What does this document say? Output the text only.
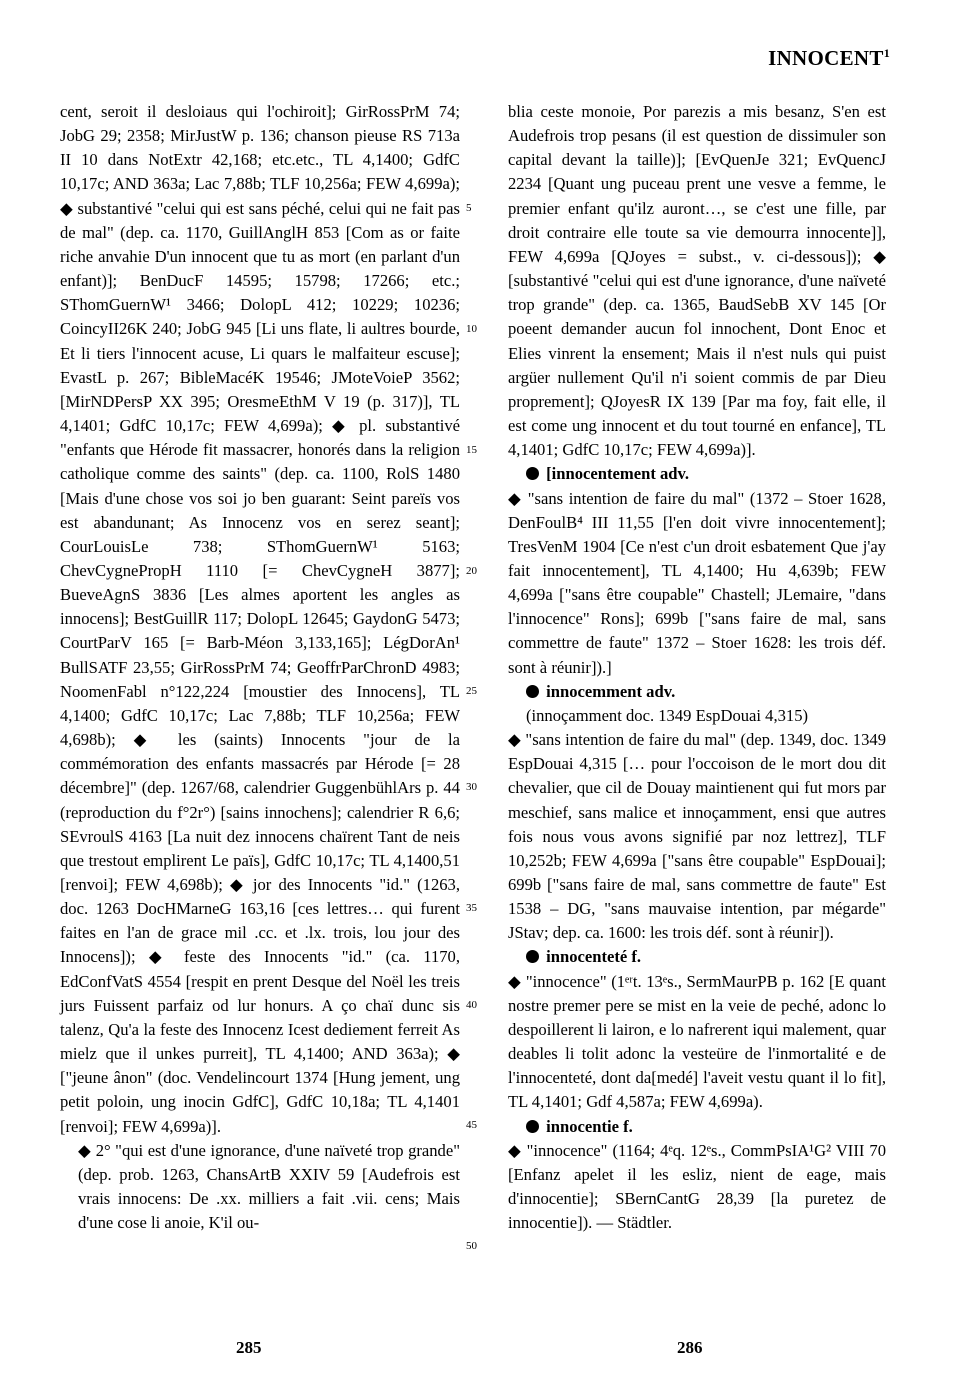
INNOCENT$^1$

cent, seroit il desloiaus qui l'ochiroit]; GirRossPrM 74; JobG 29; 2358; MirJustW p. 136; chanson pieuse RS 713a II 10 dans NotExtr 42,168; etc.etc., TL 4,1400; GdfC 10,17c; AND 363a; Lac 7,88b; TLF 10,256a; FEW 4,699a); ◆ substantivé "celui qui est sans péché, celui qui ne fait pas de mal" (dep. ca. 1170, GuillAnglH 853 [Com as or faite riche anvahie D'un innocent que tu as mort (en parlant d'un enfant)]; BenDucF 14595; 15798; 17266; etc.; SThomGuernW¹ 3466; DolopL 412; 10229; 10236; CoincyII26K 240; JobG 945 [Li uns flate, li aultres bourde, Et li tiers l'innocent acuse, Li quars le malfaiteur escuse]; EvastL p. 267; BibleMacéK 19546; JMoteVoieP 3562; [MirNDPersP XX 395; OresmeEthM V 19 (p. 317)], TL 4,1401; GdfC 10,17c; FEW 4,699a); ◆ pl. substantivé "enfants que Hérode fit massacrer, honorés dans la religion catholique comme des saints" (dep. ca. 1100, RolS 1480 [Mais d'une chose vos soi jo ben guarant: Seint pareïs vos est abandunant; As Innocenz vos en serez seant]; CourLouisLe 738; SThomGuernW¹ 5163; ChevCygnePropH 1110 [= ChevCygneH 3877]; BueveAgnS 3836 [Les almes aportent les angles as innocens]; BestGuillR 117; DolopL 12645; GaydonG 5473; CourtParV 165 [= Barb-Méon 3,133,165]; LégDorAn¹ BullSATF 23,55; GirRossPrM 74; GeoffrParChronD 4983; NoomenFabl n°122,224 [moustier des Innocens], TL 4,1400; GdfC 10,17c; Lac 7,88b; TLF 10,256a; FEW 4,698b); ◆ les (saints) Innocents "jour de la commémoration des enfants massacrés par Hérode [= 28 décembre]" (dep. 1267/68, calendrier GuggenbühlArs p. 44 (reproduction du f°2r°) [sains innochens]; calendrier R 6,6; SEvroulS 4163 [La nuit dez innocens chaïrent Tant de neis que trestout emplirent Le païs], GdfC 10,17c; TL 4,1400,51 [renvoi]; FEW 4,698b); ◆ jor des Innocents "id." (1263, doc. 1263 DocHMarneG 163,16 [ces lettres… qui furent faites en l'an de grace mil .cc. et .lx. trois, lou jour des Innocens]); ◆ feste des Innocents "id." (ca. 1170, EdConfVatS 4554 [respit en prent Desque del Noël les treis jurs Fuissent parfaiz od lur honurs. A ço chaï dunc sis talenz, Qu'a la feste des Innocenz Icest dediement ferreit As mielz que il unkes purreit], TL 4,1400; AND 363a); ◆ ["jeune ânon" (doc. Vendelincourt 1374 [Hung jement, ung petit poloin, ung inocin GdfC], GdfC 10,18a; TL 4,1401 [renvoi]; FEW 4,699a)].

◆ 2° "qui est d'une ignorance, d'une naïveté trop grande" (dep. prob. 1263, ChansArtB XXIV 59 [Audefrois est vrais innocens: De .xx. milliers a fait .vii. cens; Mais d'une cose li anoie, K'il ou-

5
10
15
20
25
30
35
40
45
50

blia ceste monoie, Por parezis a mis besanz, S'en est Audefrois trop pesans (il est question de dissimuler son capital devant la taille)]; [EvQuenJe 321; EvQuencJ 2234 [Quant ung puceau prent une vesve a femme, le premier enfant qu'ilz auront…, se c'est une fille, par droit contraire elle toute sa vie demourra innocente]], FEW 4,699a [QJoyes = subst., v. ci-dessous]); ◆ [substantivé "celui qui est d'une ignorance, d'une naïveté trop grande" (dep. ca. 1365, BaudSebB XV 145 [Or poeent demander aucun fol innochent, Dont Enoc et Elies vinrent la ensement; Mais il n'est nuls qui puist argüer nullement Qu'il n'i soient commis de par Dieu proprement]; QJoyesR IX 139 [Par ma foy, fait elle, il est come ung innocent et du tout tourné en enfance], TL 4,1401; GdfC 10,17c; FEW 4,699a)].

[innocentement adv.

◆ "sans intention de faire du mal" (1372 – Stoer 1628, DenFoulB⁴ III 11,55 [l'en doit vivre innocentement]; TresVenM 1904 [Ce n'est c'un droit esbatement Que j'ay fait innocentement], TL 4,1400; Hu 4,639b; FEW 4,699a ["sans être coupable" Chastell; JLemaire, "dans l'innocence" Rons]; 699b ["sans faire de mal, sans commettre de faute" 1372 – Stoer 1628: les trois déf. sont à réunir]).]

innocemment adv.

(innoçamment doc. 1349 EspDouai 4,315)

◆ "sans intention de faire du mal" (dep. 1349, doc. 1349 EspDouai 4,315 [… pour l'occoison de le mort dou dit chevalier, que cil de Douay maintienent qui fut mors par meschief, sans malice et innoçamment, ensi que autres fois nous vous avons signifié par noz lettrez], TLF 10,252b; FEW 4,699a ["sans être coupable" EspDouai]; 699b ["sans faire de mal, sans commettre de faute" Est 1538 – DG, "sans mauvaise intention, par mégarde" JStav; dep. ca. 1600: les trois déf. sont à réunir]).

innocenteté f.

◆ "innocence" (1ᵉʳt. 13ᵉs., SermMaurPB p. 162 [E quant nostre premer pere se mist en la veie de peché, adonc lo despoillerent li lairon, e lo nafrerent iqui malement, quar deables li tolit adonc la vesteüre de l'inmortalité e de l'innocenteté, dont da[medé] l'aveit vestu quant il lo fit], TL 4,1401; Gdf 4,587a; FEW 4,699a).

innocentie f.

◆ "innocence" (1164; 4ᵉq. 12ᵉs., CommPsIA¹G² VIII 70 [Enfanz apelet il les esliz, nient de eage, mais d'innocentie]; SBernCantG 28,39 [la puretez de innocentie]). — Städtler.

285	286
